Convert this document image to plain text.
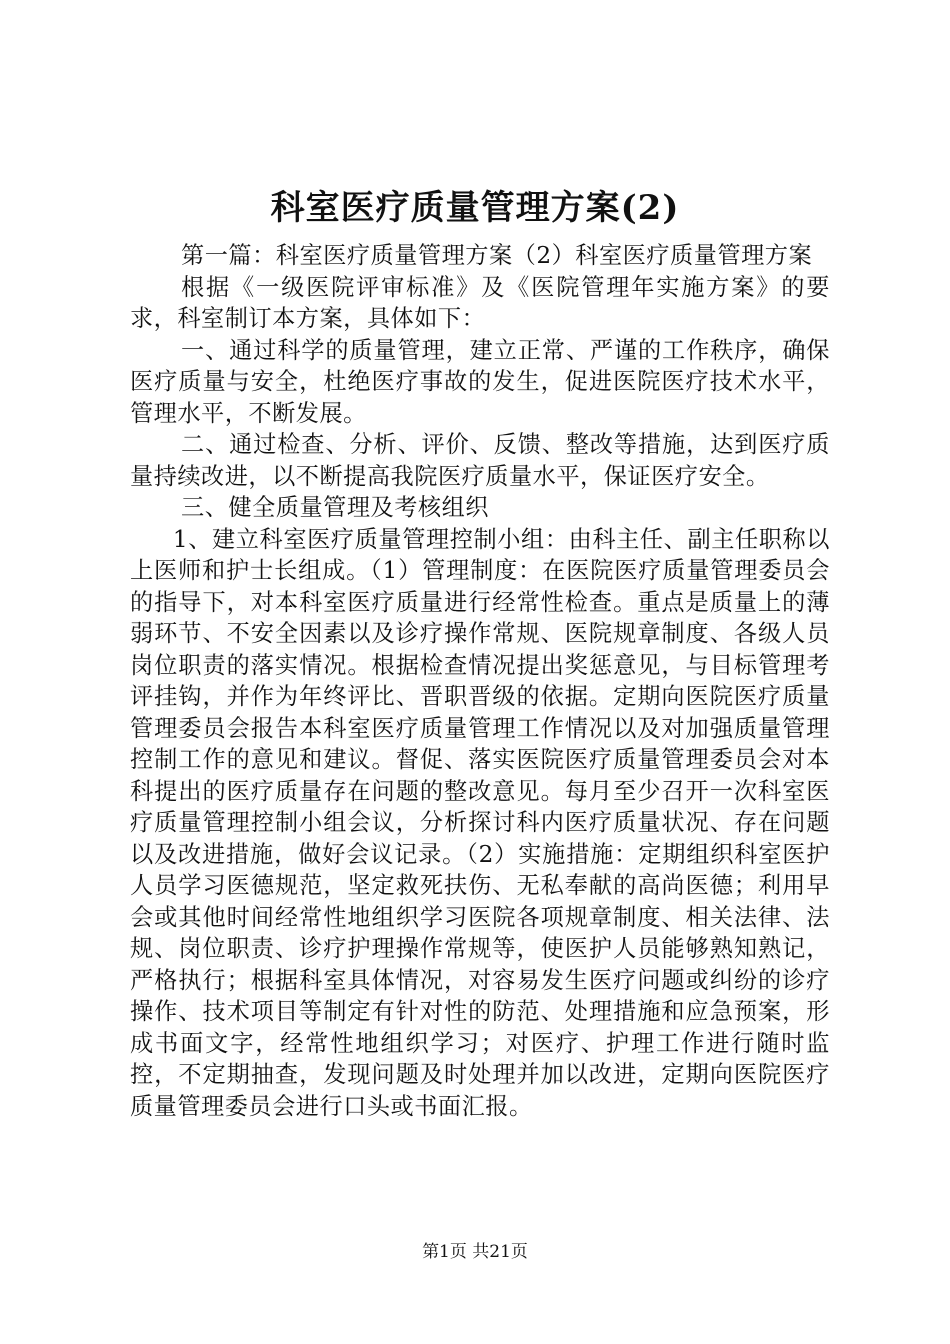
科室医疗质量管理方案(2)

第一篇：科室医疗质量管理方案（2）科室医疗质量管理方案

根据《一级医院评审标准》及《医院管理年实施方案》的要求，科室制订本方案，具体如下：

一、通过科学的质量管理，建立正常、严谨的工作秩序，确保医疗质量与安全，杜绝医疗事故的发生，促进医院医疗技术水平，管理水平，不断发展。

二、通过检查、分析、评价、反馈、整改等措施，达到医疗质量持续改进，以不断提高我院医疗质量水平，保证医疗安全。

三、健全质量管理及考核组织

1、建立科室医疗质量管理控制小组：由科主任、副主任职称以上医师和护士长组成。（1）管理制度：在医院医疗质量管理委员会的指导下，对本科室医疗质量进行经常性检查。重点是质量上的薄弱环节、不安全因素以及诊疗操作常规、医院规章制度、各级人员岗位职责的落实情况。根据检查情况提出奖惩意见，与目标管理考评挂钩，并作为年终评比、晋职晋级的依据。定期向医院医疗质量管理委员会报告本科室医疗质量管理工作情况以及对加强质量管理控制工作的意见和建议。督促、落实医院医疗质量管理委员会对本科提出的医疗质量存在问题的整改意见。每月至少召开一次科室医疗质量管理控制小组会议，分析探讨科内医疗质量状况、存在问题以及改进措施，做好会议记录。（2）实施措施：定期组织科室医护人员学习医德规范，坚定救死扶伤、无私奉献的高尚医德；利用早会或其他时间经常性地组织学习医院各项规章制度、相关法律、法规、岗位职责、诊疗护理操作常规等，使医护人员能够熟知熟记，严格执行；根据科室具体情况，对容易发生医疗问题或纠纷的诊疗操作、技术项目等制定有针对性的防范、处理措施和应急预案，形成书面文字，经常性地组织学习；对医疗、护理工作进行随时监控，不定期抽查，发现问题及时处理并加以改进，定期向医院医疗质量管理委员会进行口头或书面汇报。

第1页 共21页
